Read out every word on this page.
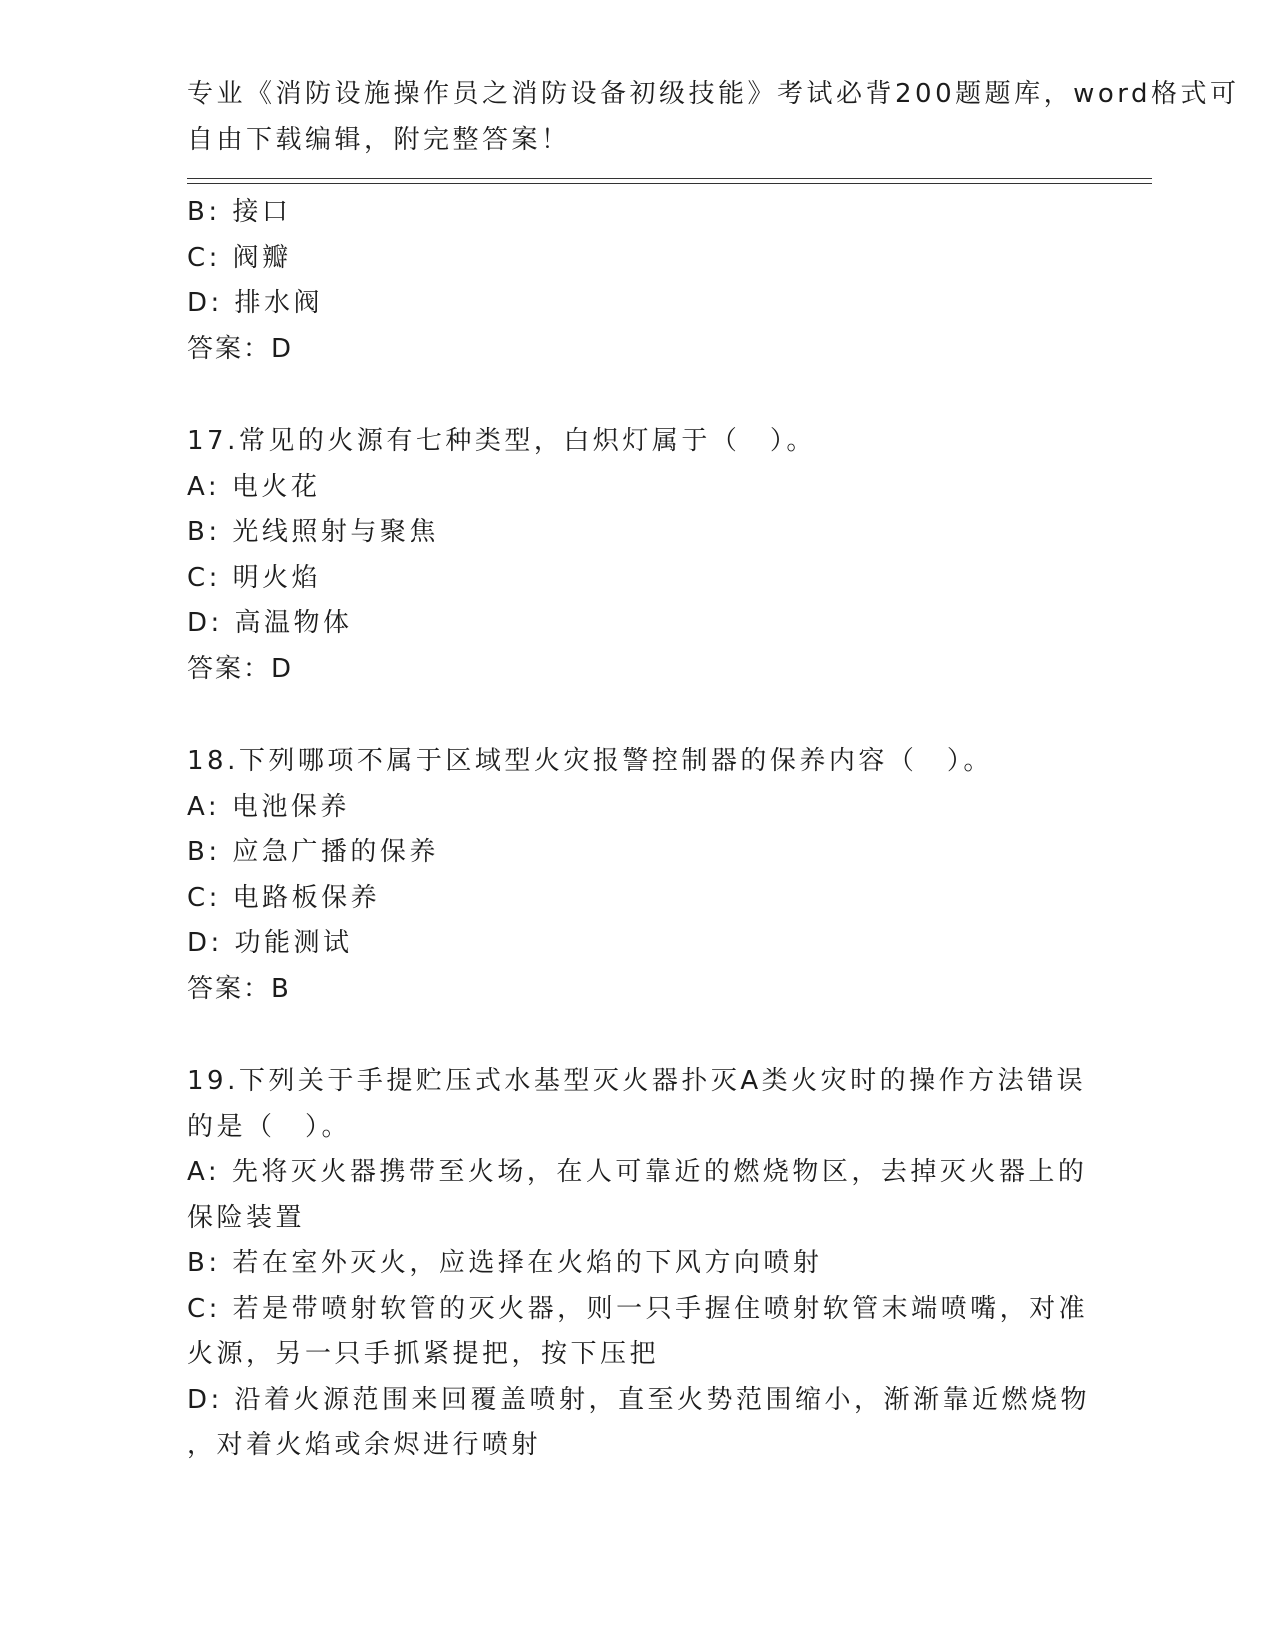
专业《消防设施操作员之消防设备初级技能》考试必背200题题库，word格式可
自由下载编辑，附完整答案！
B: 接口
C: 阀瓣
D: 排水阀
答案：D
17.常见的火源有七种类型，白炽灯属于（　）。
A: 电火花
B: 光线照射与聚焦
C: 明火焰
D: 高温物体
答案：D
18.下列哪项不属于区域型火灾报警控制器的保养内容（　）。
A: 电池保养
B: 应急广播的保养
C: 电路板保养
D: 功能测试
答案：B
19.下列关于手提贮压式水基型灭火器扑灭A类火灾时的操作方法错误
的是（　）。
A: 先将灭火器携带至火场，在人可靠近的燃烧物区，去掉灭火器上的
保险装置
B: 若在室外灭火，应选择在火焰的下风方向喷射
C: 若是带喷射软管的灭火器，则一只手握住喷射软管末端喷嘴，对准
火源，另一只手抓紧提把，按下压把
D: 沿着火源范围来回覆盖喷射，直至火势范围缩小，渐渐靠近燃烧物
，对着火焰或余烬进行喷射
